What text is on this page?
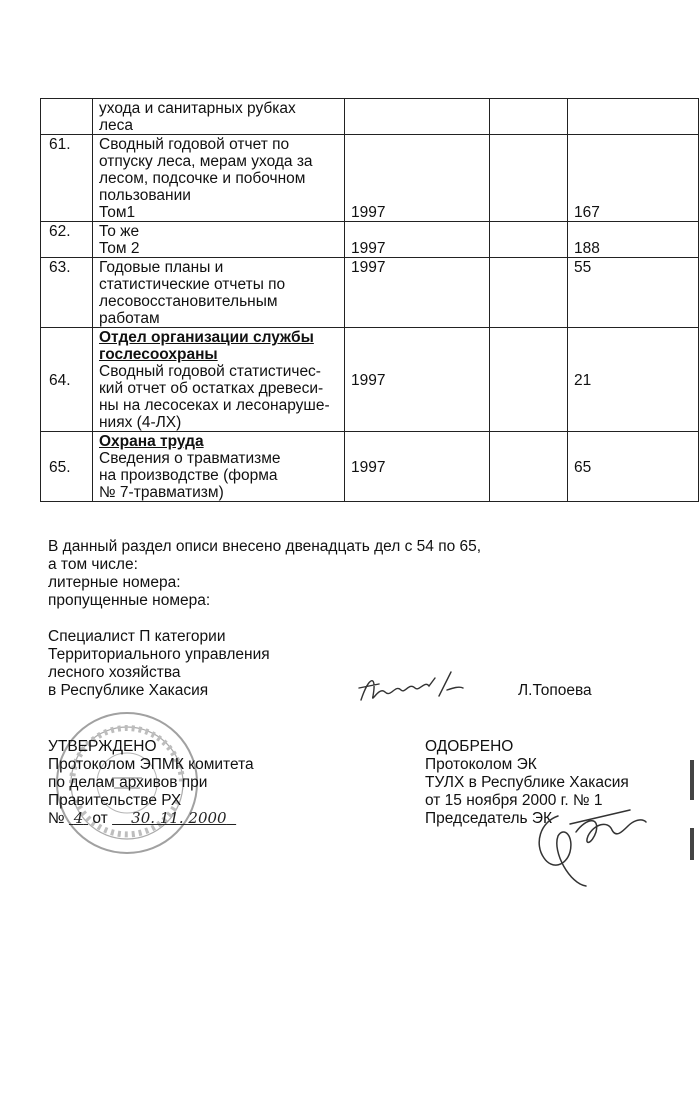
	ухода и санитарных рубках
леса			

61.	Сводный годовой отчет по
отпуску леса, мерам ухода за
лесом, подсочке и побочном
пользовании
Том1	1997		167
62.	То же
Том 2	1997		188
63.	Годовые планы и
статистические отчеты по
лесовосстановительным
работам	1997		55
64.	Отдел организации службы гослесоохраны
Сводный годовой статистичес-
кий отчет об остатках древеси-
ны на лесосеках и лесонаруше-
ниях (4-ЛХ)	1997		21
65.	Охрана труда
Сведения о травматизме
на производстве (форма
№ 7-травматизм)	1997		65
В данный раздел описи внесено двенадцать дел с 54 по 65,
а том числе:
литерные номера:
пропущенные номера:
Специалист П категории
Территориального управления
лесного хозяйства
в Республике Хакасия	Л.Топоева
УТВЕРЖДЕНО
Протоколом ЭПМК комитета
по делам архивов при
Правительстве РХ
№ 4 от 30. 11. 2000
ОДОБРЕНО
Протоколом ЭК
ТУЛХ в Республике Хакасия
от 15 ноября 2000 г. № 1
Председатель ЭК
